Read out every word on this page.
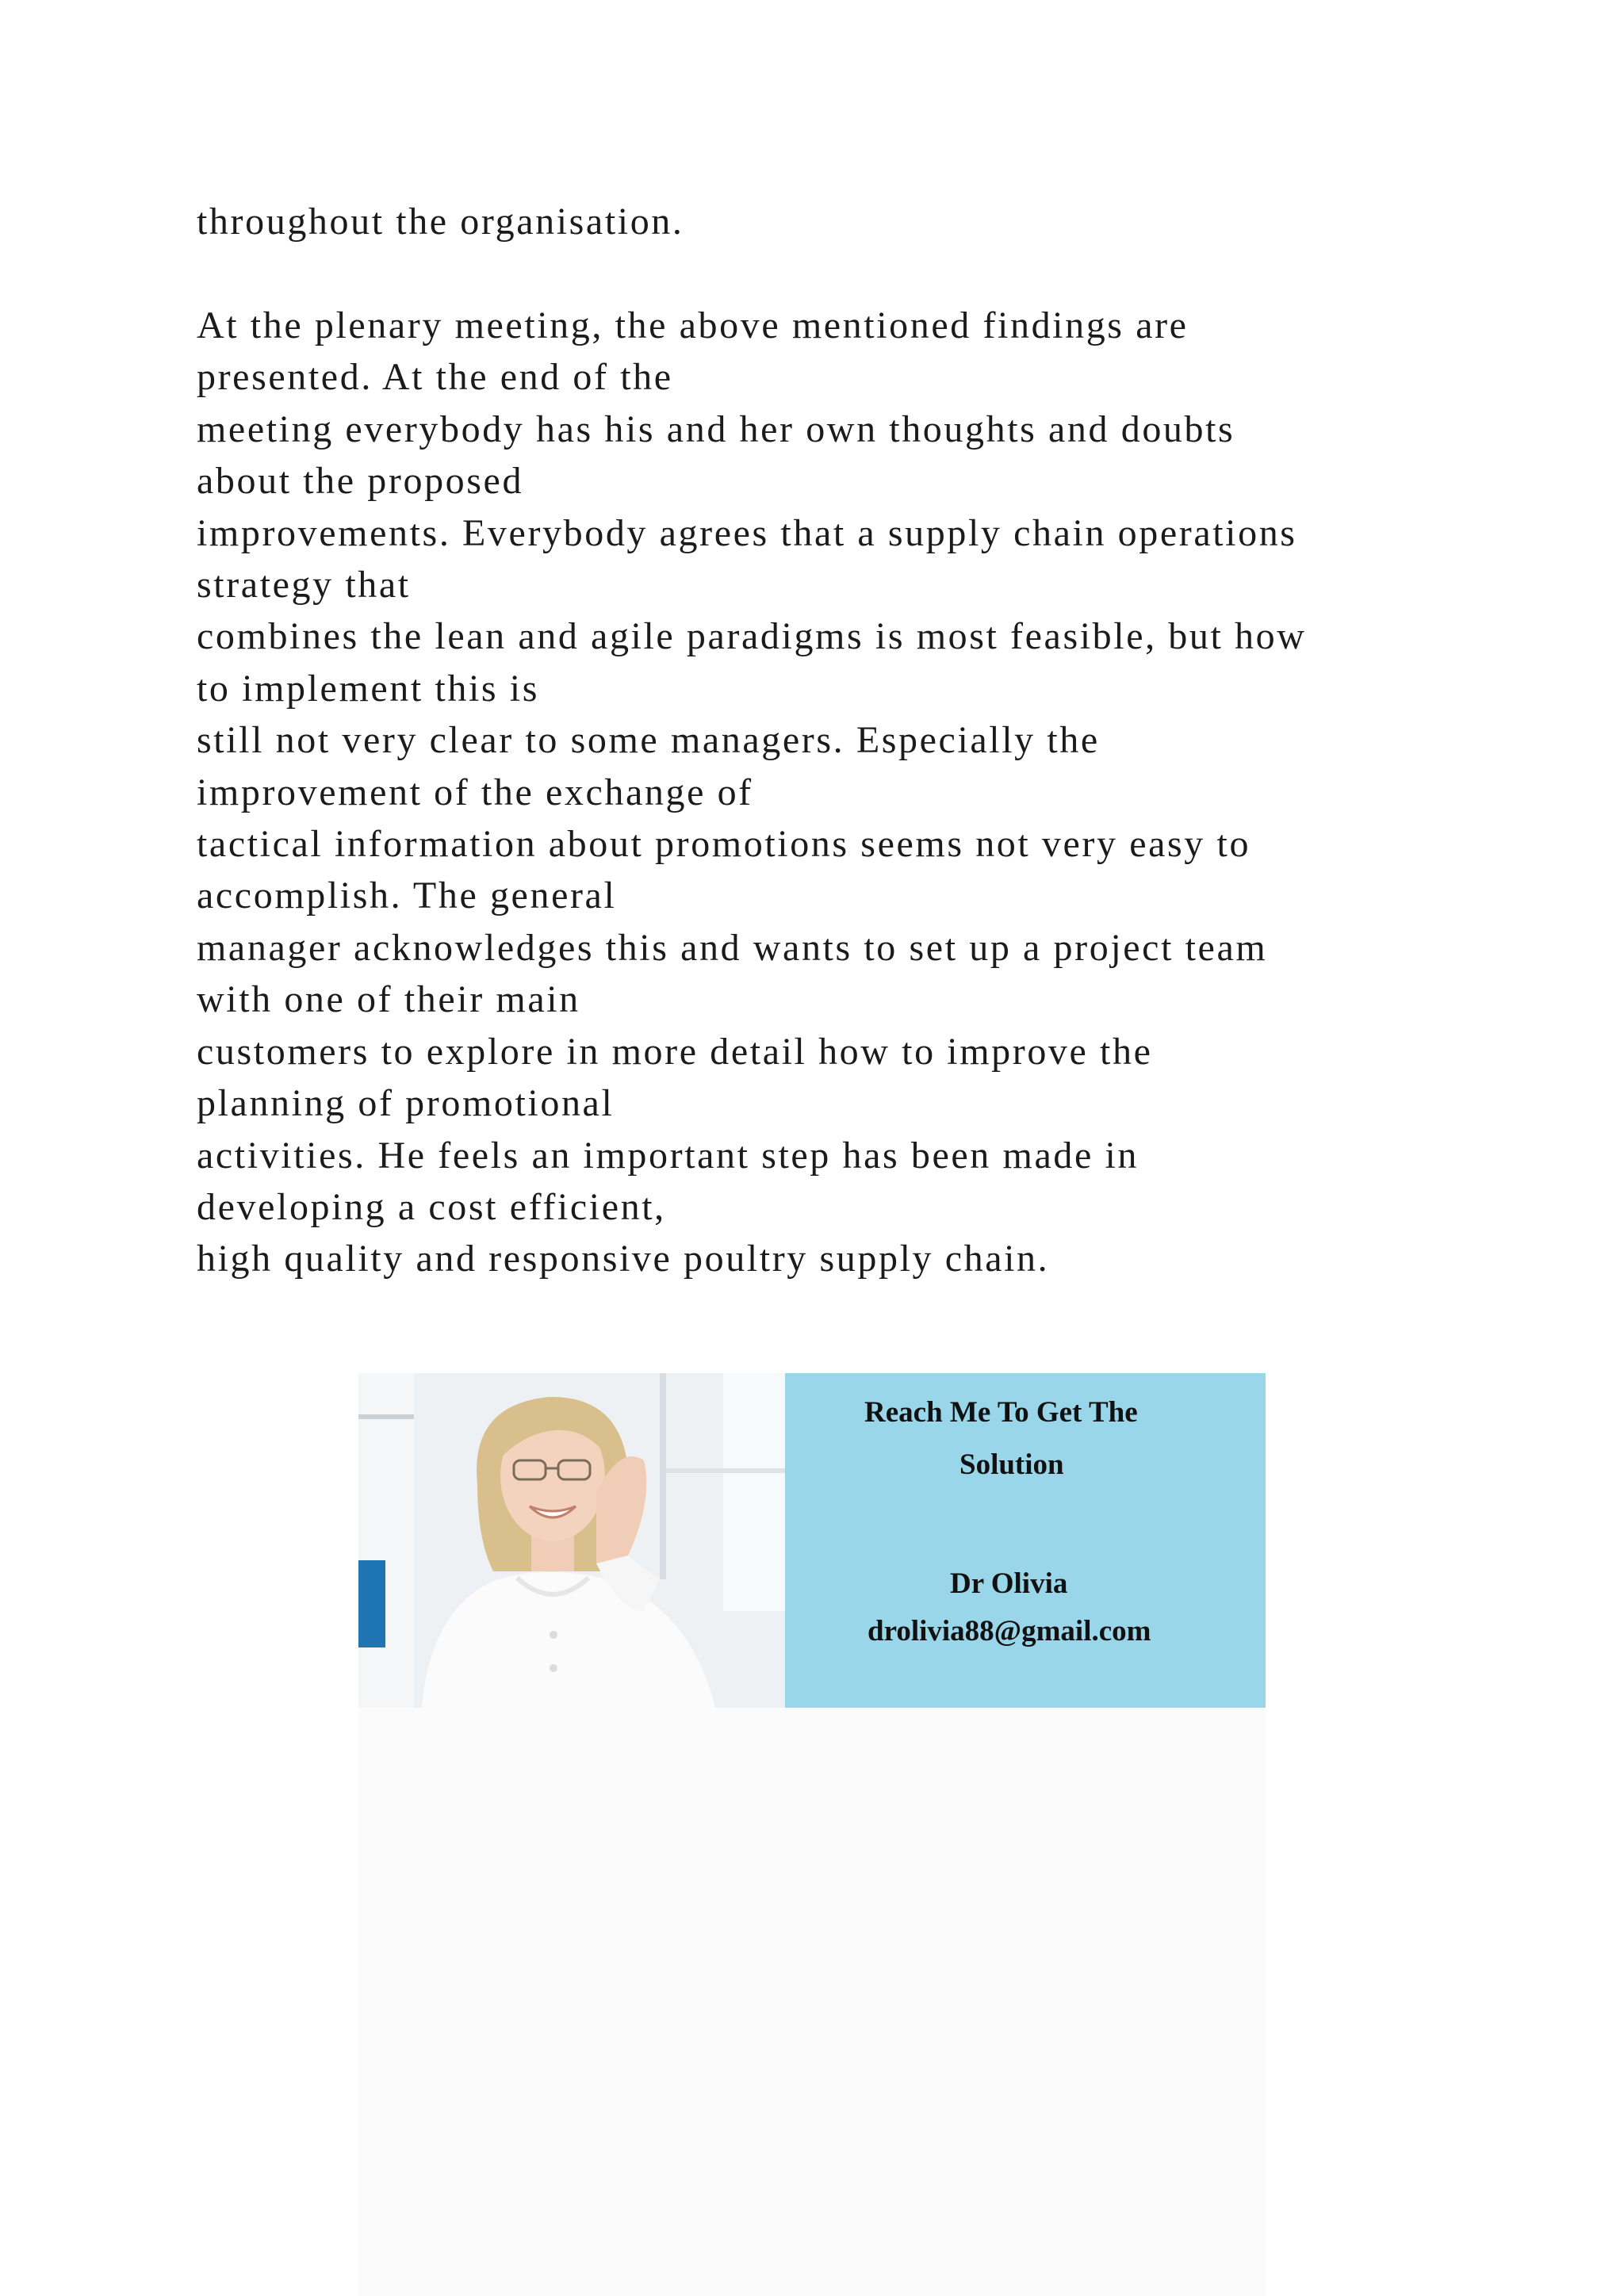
throughout the organisation.
At the plenary meeting, the above mentioned findings are
presented. At the end of the
meeting everybody has his and her own thoughts and doubts
about the proposed
improvements. Everybody agrees that a supply chain operations
strategy that
combines the lean and agile paradigms is most feasible, but how
to implement this is
still not very clear to some managers. Especially the
improvement of the exchange of
tactical information about promotions seems not very easy to
accomplish. The general
manager acknowledges this and wants to set up a project team
with one of their main
customers to explore in more detail how to improve the
planning of promotional
activities. He feels an important step has been made in
developing a cost efficient,
high quality and responsive poultry supply chain.
Reach Me To Get The
Solution
Dr Olivia
drolivia88@gmail.com
